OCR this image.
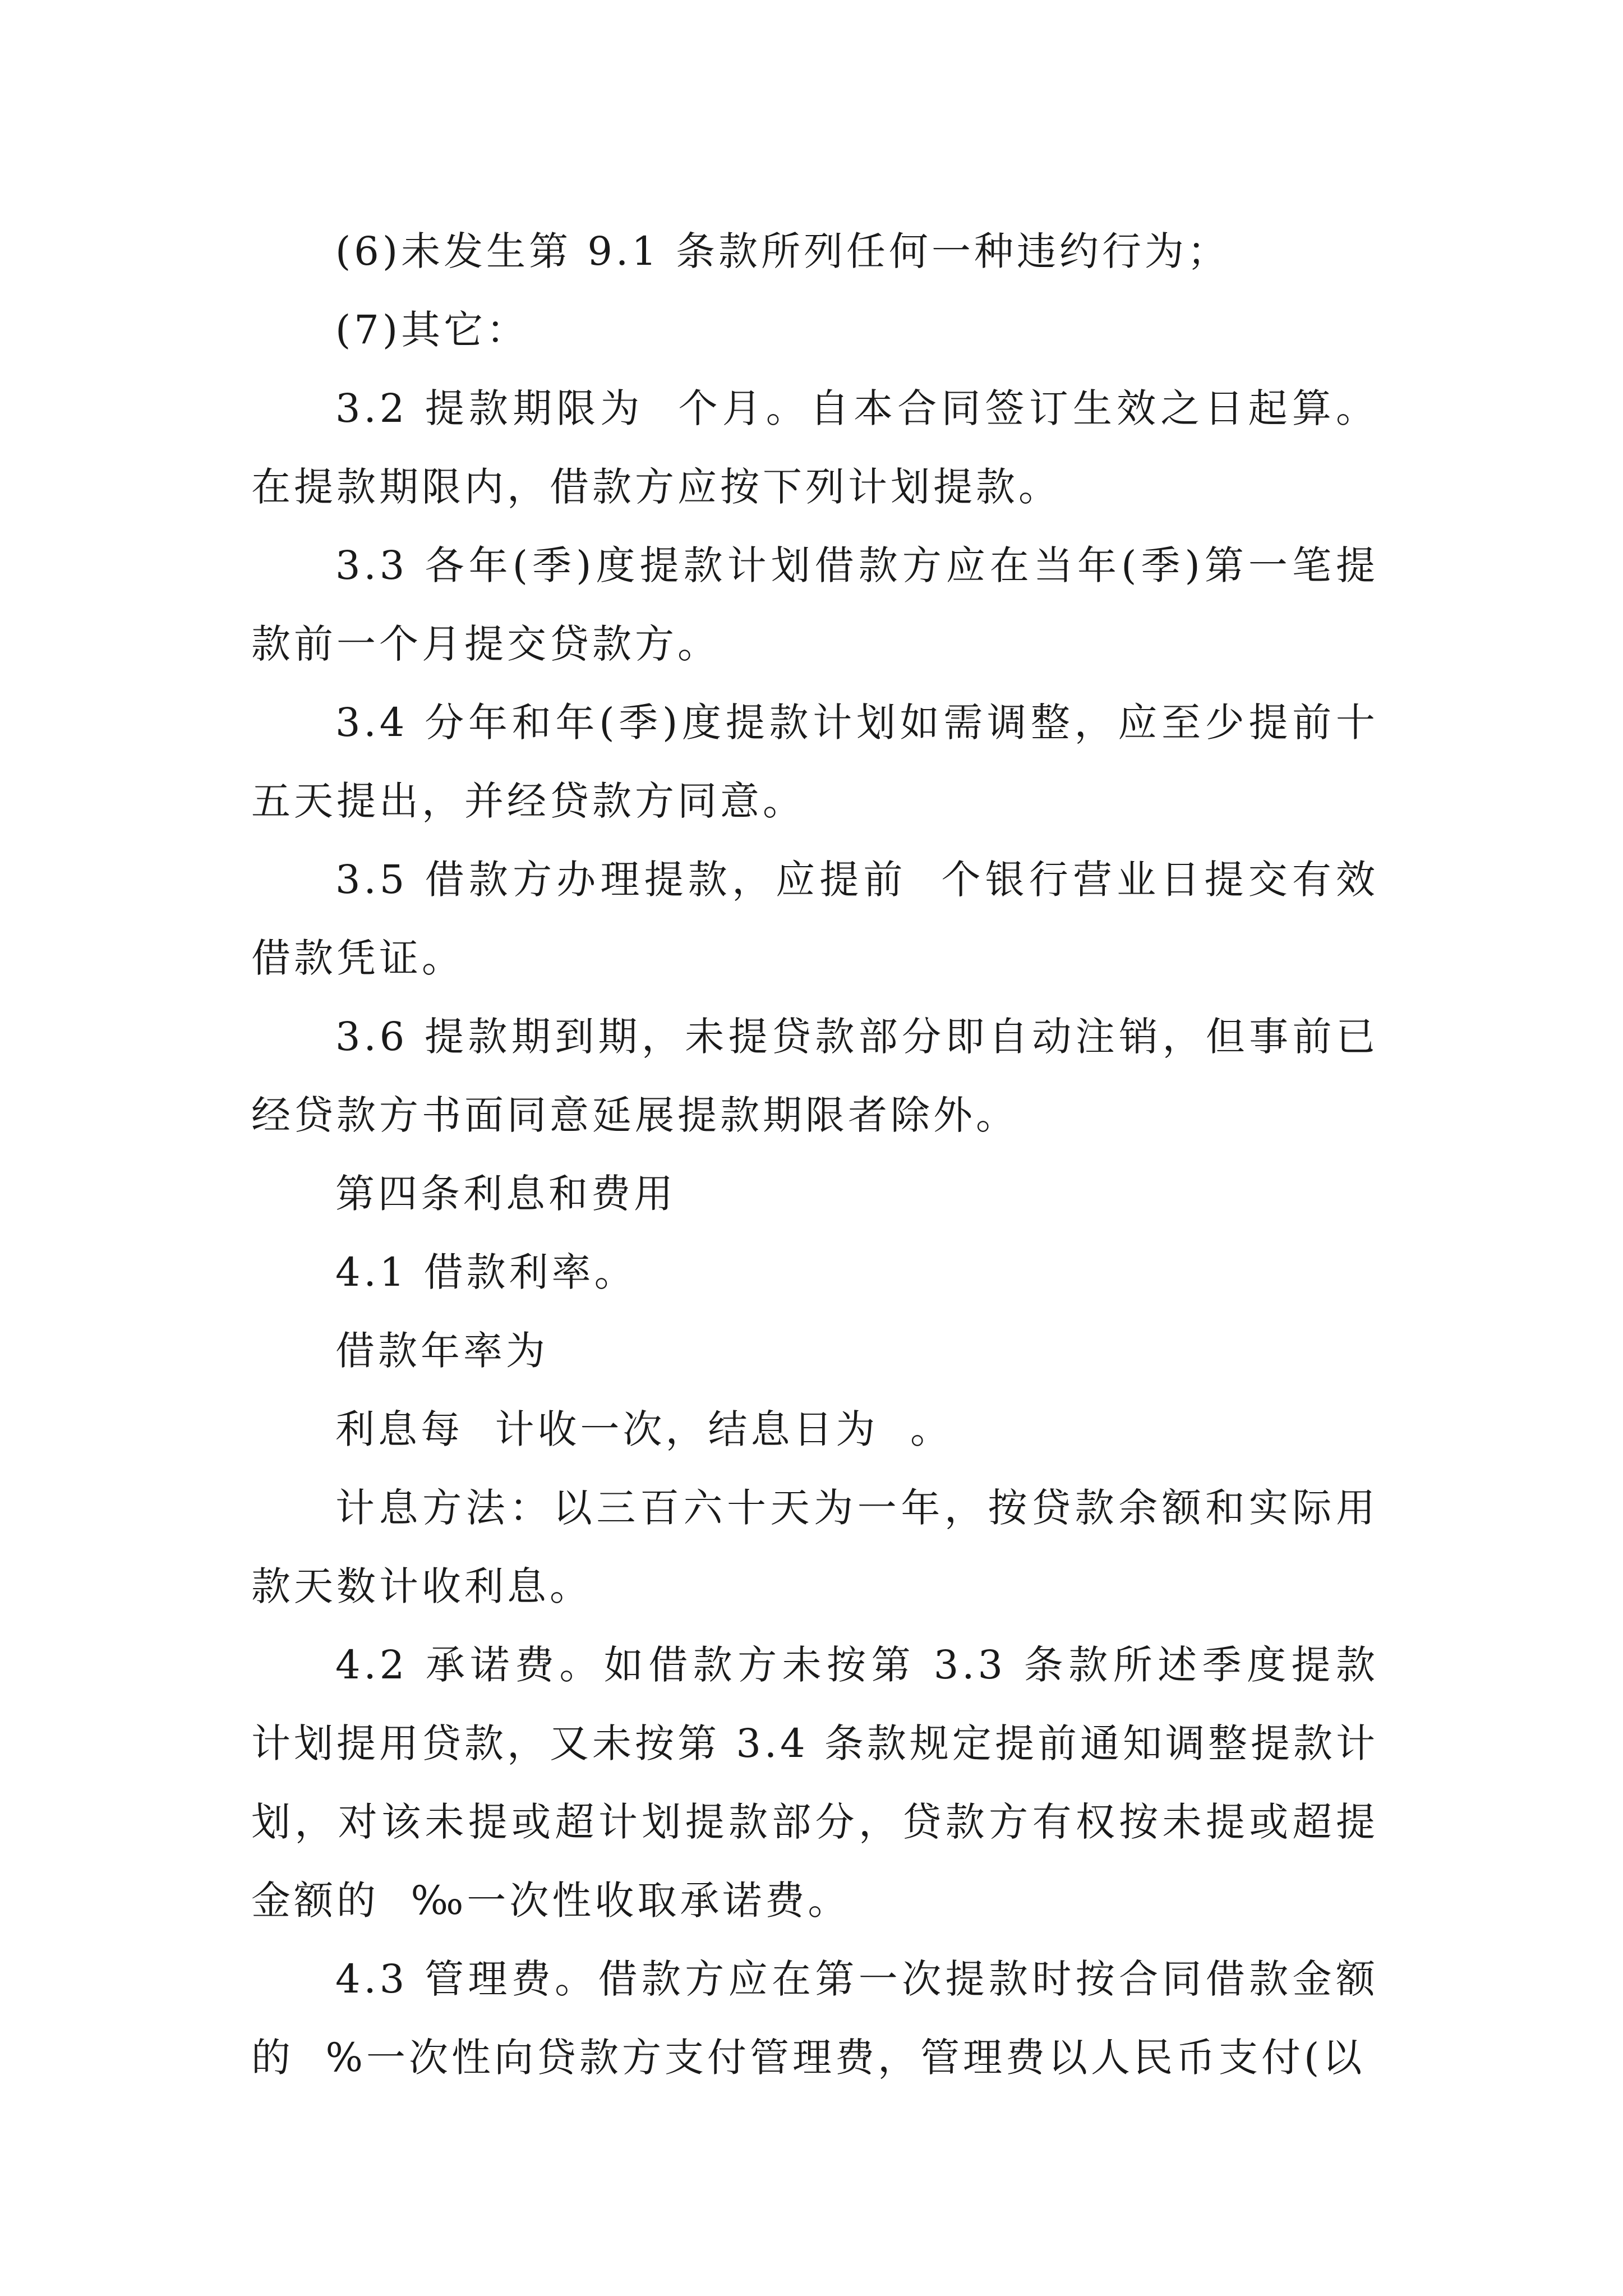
(6)未发生第 9.1 条款所列任何一种违约行为；

(7)其它：

3.2 提款期限为  个月。自本合同签订生效之日起算。在提款期限内，借款方应按下列计划提款。

3.3 各年(季)度提款计划借款方应在当年(季)第一笔提款前一个月提交贷款方。

3.4 分年和年(季)度提款计划如需调整，应至少提前十五天提出，并经贷款方同意。

3.5 借款方办理提款，应提前  个银行营业日提交有效借款凭证。

3.6 提款期到期，未提贷款部分即自动注销，但事前已经贷款方书面同意延展提款期限者除外。

第四条利息和费用

4.1 借款利率。

借款年率为

利息每  计收一次，结息日为  。

计息方法：以三百六十天为一年，按贷款余额和实际用款天数计收利息。

4.2 承诺费。如借款方未按第 3.3 条款所述季度提款计划提用贷款，又未按第 3.4 条款规定提前通知调整提款计划，对该未提或超计划提款部分，贷款方有权按未提或超提金额的  ‰一次性收取承诺费。

4.3 管理费。借款方应在第一次提款时按合同借款金额的  %一次性向贷款方支付管理费，管理费以人民币支付(以
